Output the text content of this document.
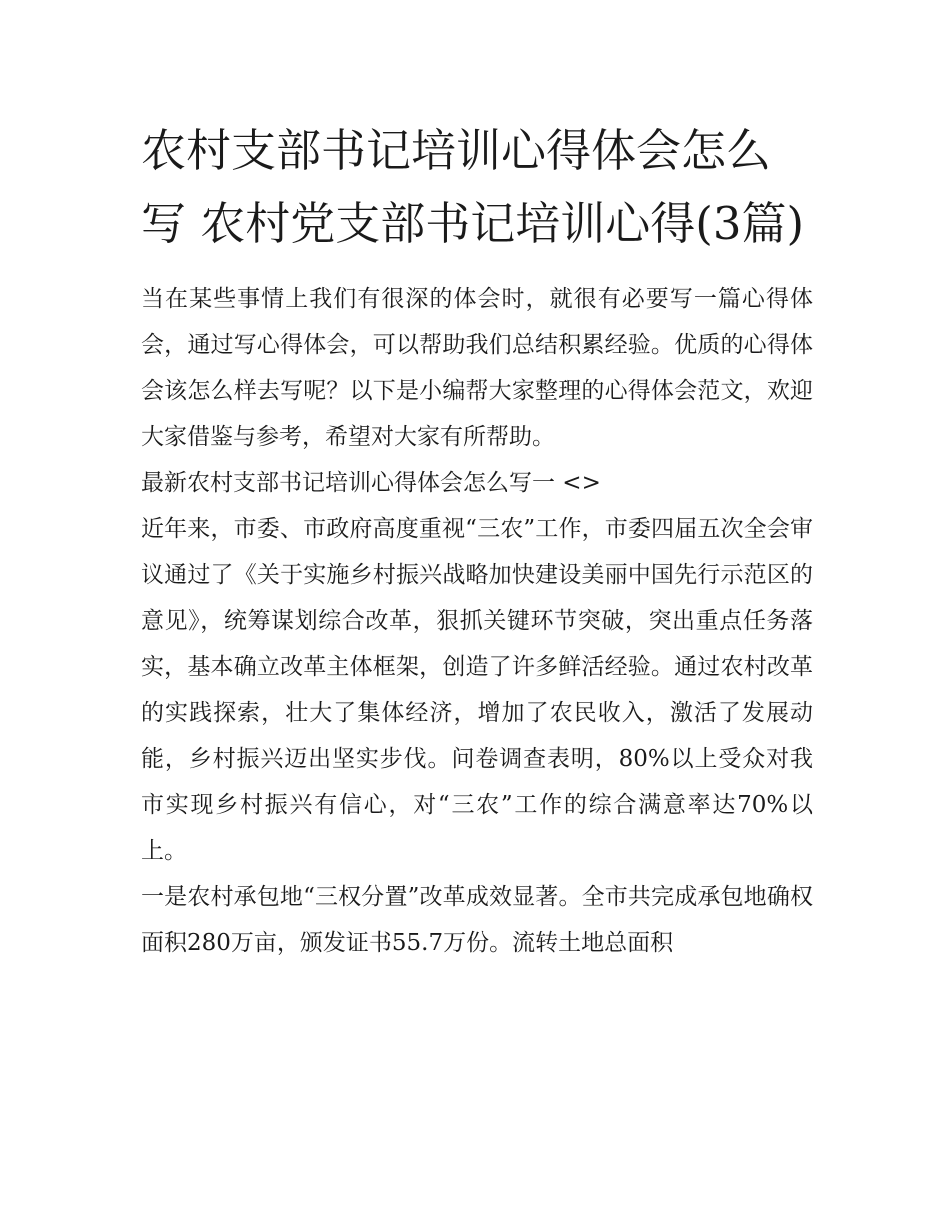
农村支部书记培训心得体会怎么写 农村党支部书记培训心得(3篇)

当在某些事情上我们有很深的体会时，就很有必要写一篇心得体会，通过写心得体会，可以帮助我们总结积累经验。优质的心得体会该怎么样去写呢？以下是小编帮大家整理的心得体会范文，欢迎大家借鉴与参考，希望对大家有所帮助。

最新农村支部书记培训心得体会怎么写一 <>

近年来，市委、市政府高度重视“三农”工作，市委四届五次全会审议通过了《关于实施乡村振兴战略加快建设美丽中国先行示范区的意见》，统筹谋划综合改革，狠抓关键环节突破，突出重点任务落实，基本确立改革主体框架，创造了许多鲜活经验。通过农村改革的实践探索，壮大了集体经济，增加了农民收入，激活了发展动能，乡村振兴迈出坚实步伐。问卷调查表明，80%以上受众对我市实现乡村振兴有信心，对“三农”工作的综合满意率达70%以上。

一是农村承包地“三权分置”改革成效显著。全市共完成承包地确权面积280万亩，颁发证书55.7万份。流转土地总面积
